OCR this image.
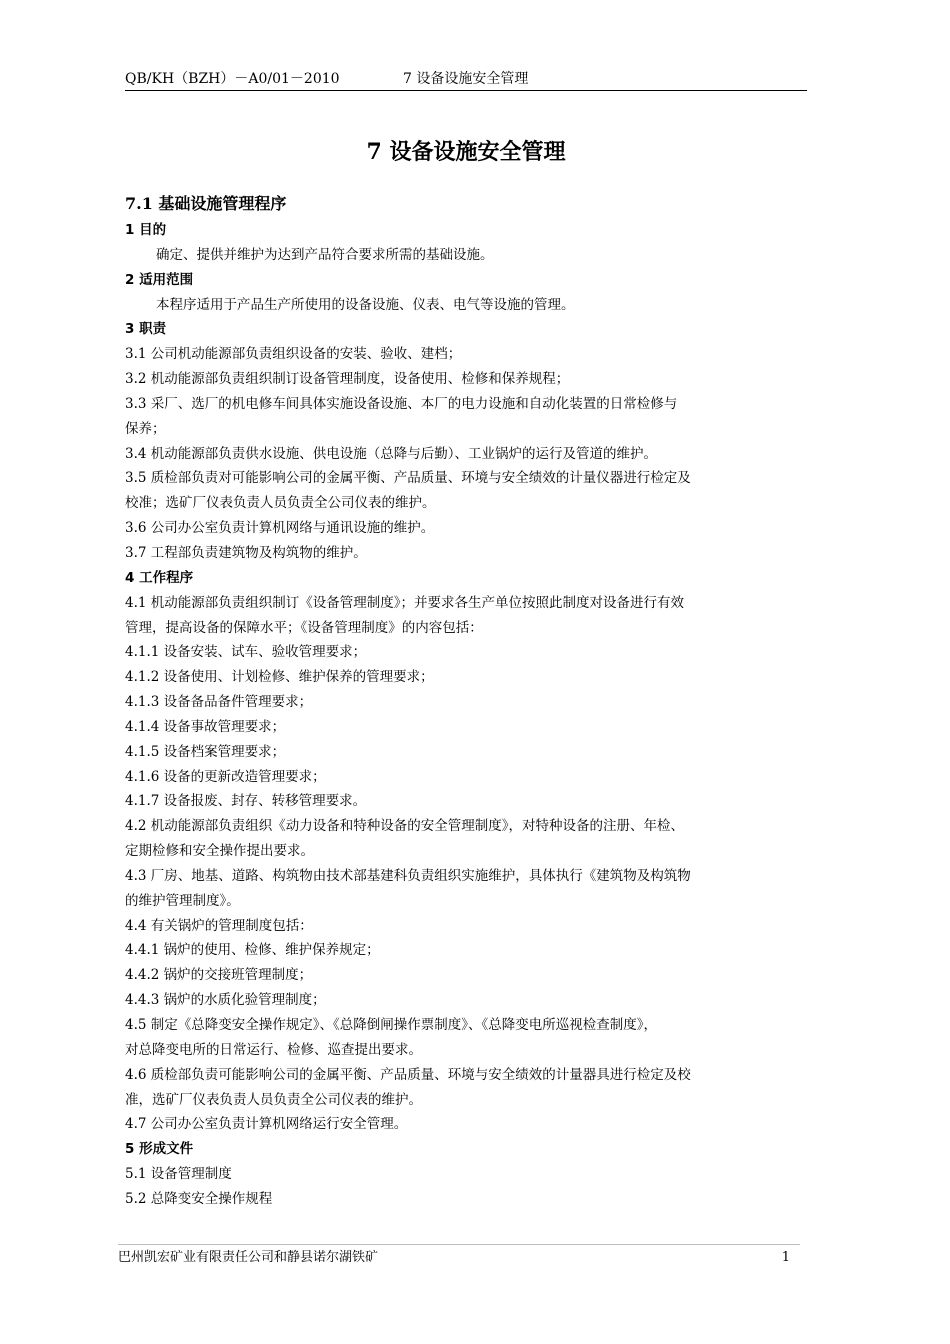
QB/KH（BZH）－A0/01－2010	7 设备设施安全管理
7 设备设施安全管理
7.1 基础设施管理程序
1 目的
确定、提供并维护为达到产品符合要求所需的基础设施。
2 适用范围
本程序适用于产品生产所使用的设备设施、仪表、电气等设施的管理。
3 职责
3.1 公司机动能源部负责组织设备的安装、验收、建档；
3.2 机动能源部负责组织制订设备管理制度，设备使用、检修和保养规程；
3.3 采厂、选厂的机电修车间具体实施设备设施、本厂的电力设施和自动化装置的日常检修与
保养；
3.4 机动能源部负责供水设施、供电设施（总降与后勤）、工业锅炉的运行及管道的维护。
3.5 质检部负责对可能影响公司的金属平衡、产品质量、环境与安全绩效的计量仪器进行检定及
校准；选矿厂仪表负责人员负责全公司仪表的维护。
3.6 公司办公室负责计算机网络与通讯设施的维护。
3.7 工程部负责建筑物及构筑物的维护。
4 工作程序
4.1 机动能源部负责组织制订《设备管理制度》；并要求各生产单位按照此制度对设备进行有效
管理，提高设备的保障水平；《设备管理制度》的内容包括：
4.1.1 设备安装、试车、验收管理要求；
4.1.2 设备使用、计划检修、维护保养的管理要求；
4.1.3 设备备品备件管理要求；
4.1.4 设备事故管理要求；
4.1.5 设备档案管理要求；
4.1.6 设备的更新改造管理要求；
4.1.7 设备报废、封存、转移管理要求。
4.2 机动能源部负责组织《动力设备和特种设备的安全管理制度》，对特种设备的注册、年检、
定期检修和安全操作提出要求。
4.3 厂房、地基、道路、构筑物由技术部基建科负责组织实施维护，具体执行《建筑物及构筑物
的维护管理制度》。
4.4 有关锅炉的管理制度包括：
4.4.1 锅炉的使用、检修、维护保养规定；
4.4.2 锅炉的交接班管理制度；
4.4.3 锅炉的水质化验管理制度；
4.5 制定《总降变安全操作规定》、《总降倒闸操作票制度》、《总降变电所巡视检查制度》，
对总降变电所的日常运行、检修、巡查提出要求。
4.6 质检部负责可能影响公司的金属平衡、产品质量、环境与安全绩效的计量器具进行检定及校
准，选矿厂仪表负责人员负责全公司仪表的维护。
4.7 公司办公室负责计算机网络运行安全管理。
5 形成文件
5.1 设备管理制度
5.2 总降变安全操作规程
巴州凯宏矿业有限责任公司和静县诺尔湖铁矿	1
